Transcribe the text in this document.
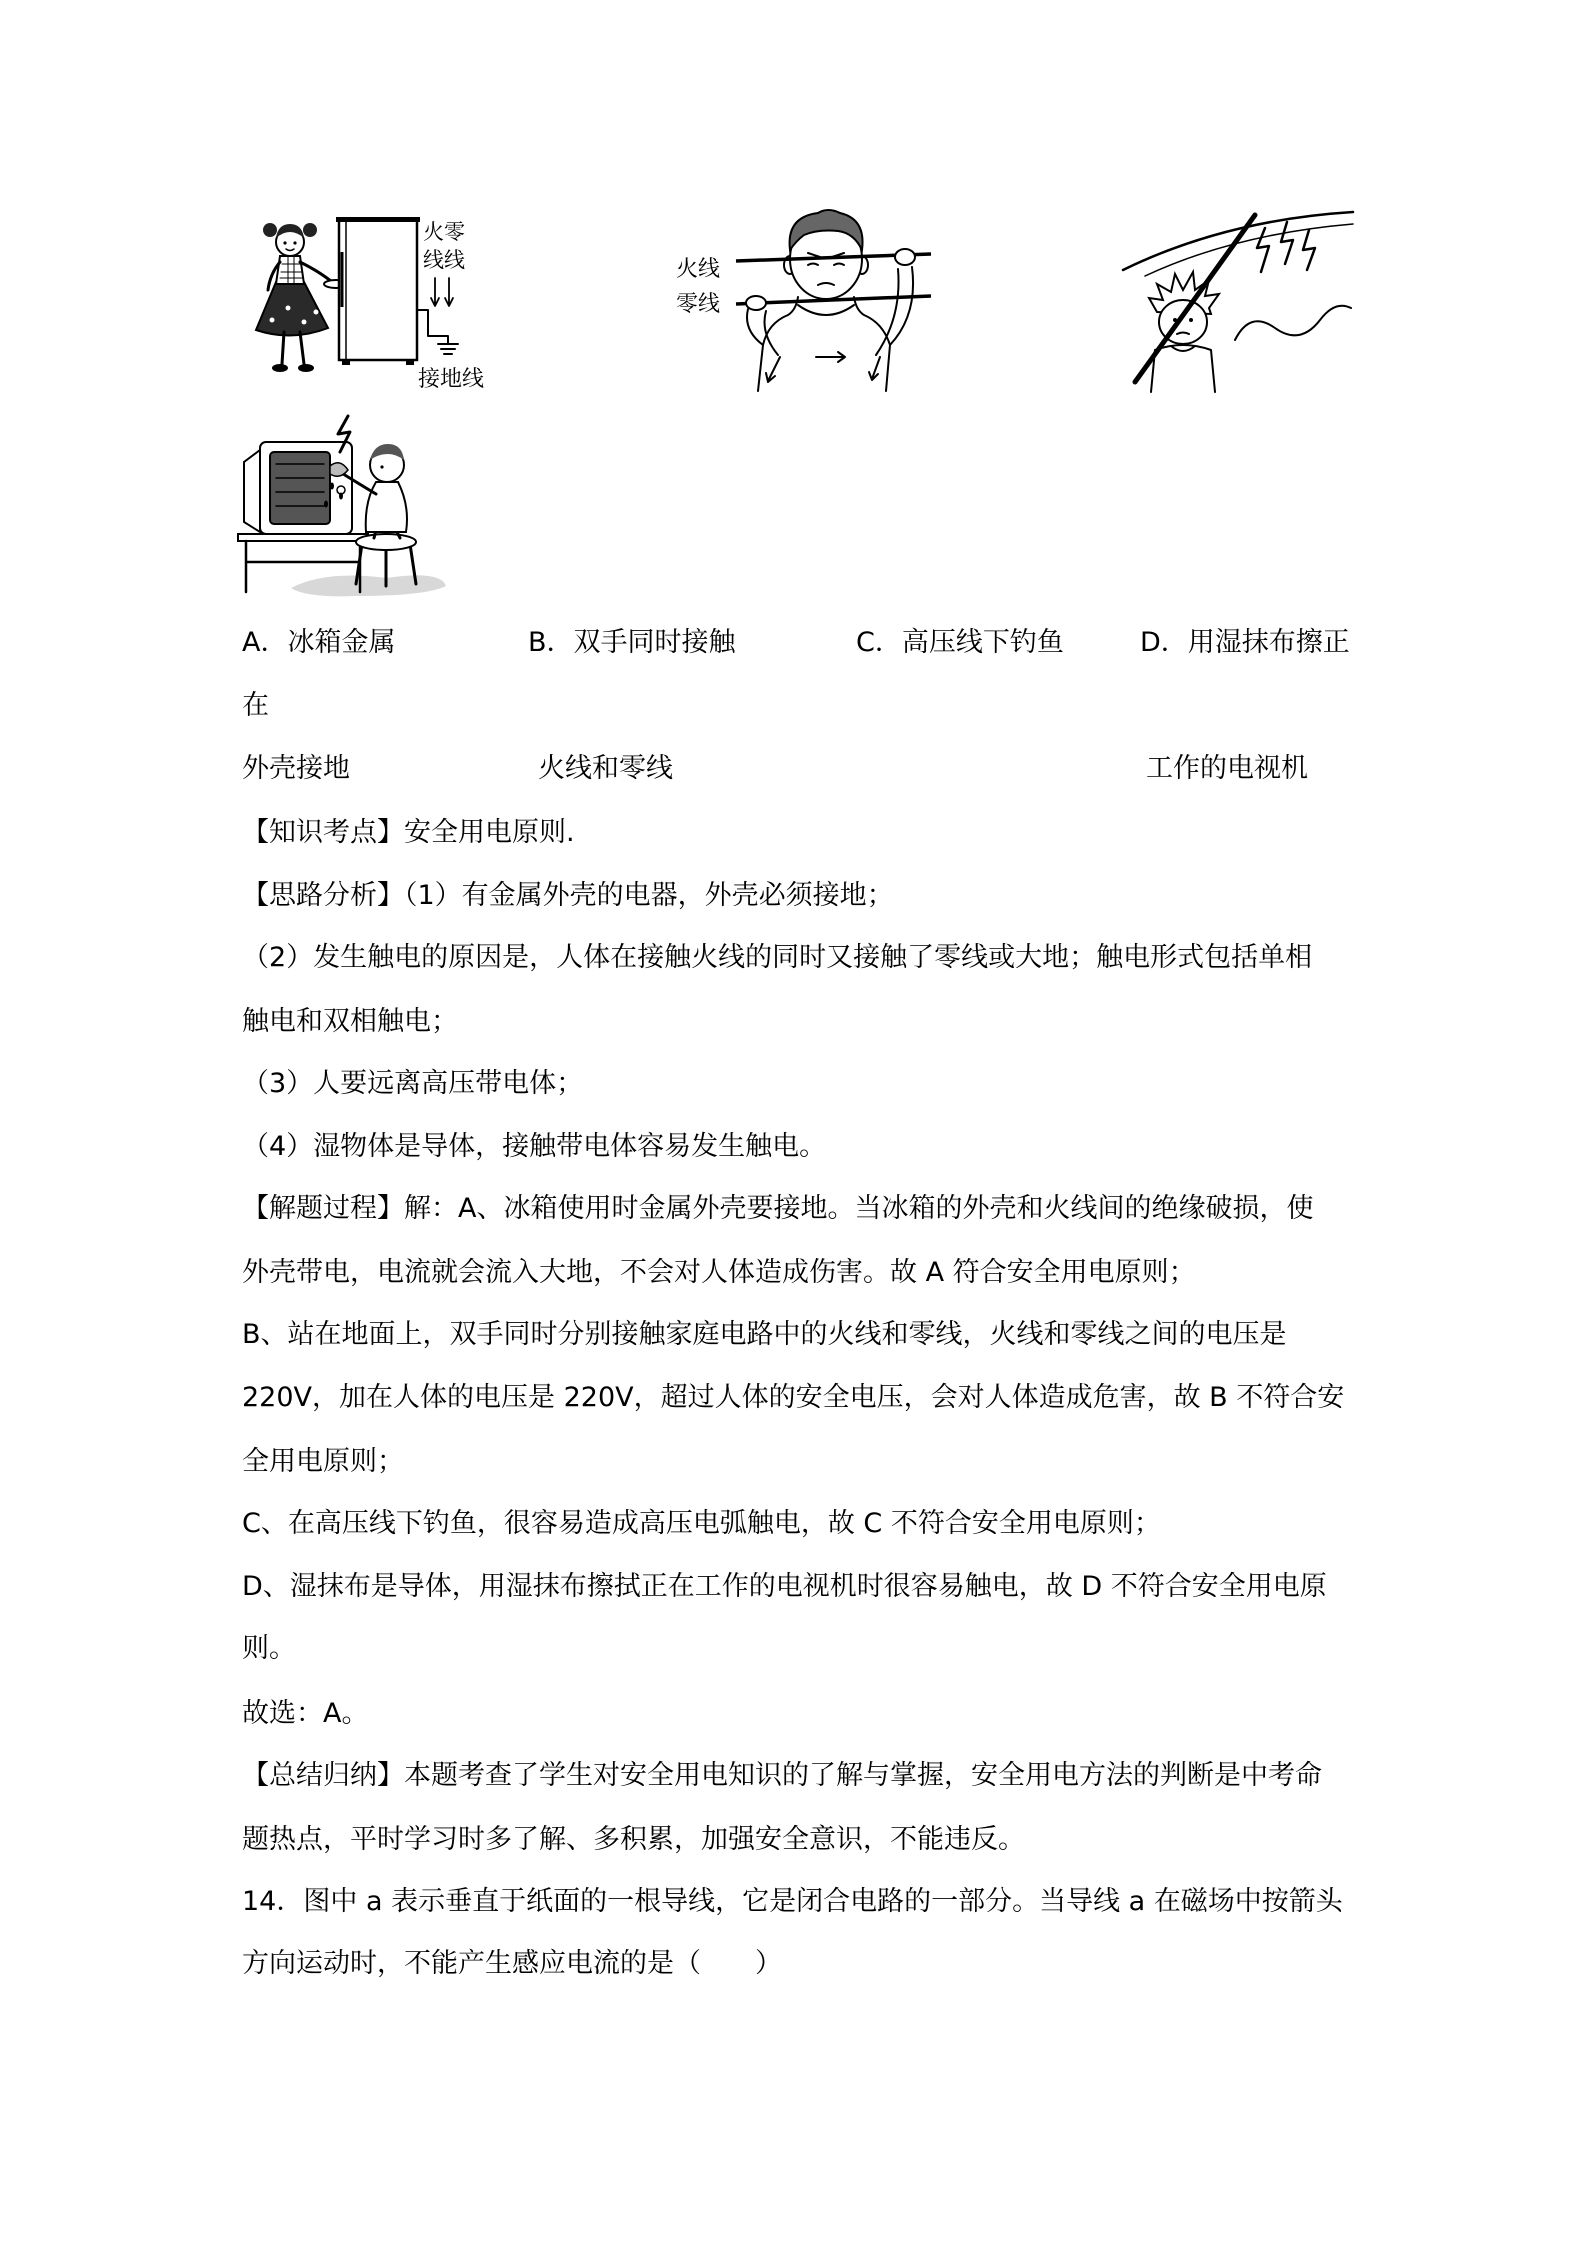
火零
线线
接地线
火线
零线
A．冰箱金属	B．双手同时接触	C．高压线下钓鱼	D．用湿抹布擦正
在
外壳接地	火线和零线	工作的电视机
【知识考点】安全用电原则.
【思路分析】（1）有金属外壳的电器，外壳必须接地；
（2）发生触电的原因是，人体在接触火线的同时又接触了零线或大地；触电形式包括单相
触电和双相触电；
（3）人要远离高压带电体；
（4）湿物体是导体，接触带电体容易发生触电。
【解题过程】解：A、冰箱使用时金属外壳要接地。当冰箱的外壳和火线间的绝缘破损，使
外壳带电，电流就会流入大地，不会对人体造成伤害。故 A 符合安全用电原则；
B、站在地面上，双手同时分别接触家庭电路中的火线和零线，火线和零线之间的电压是
220V，加在人体的电压是 220V，超过人体的安全电压，会对人体造成危害，故 B 不符合安
全用电原则；
C、在高压线下钓鱼，很容易造成高压电弧触电，故 C 不符合安全用电原则；
D、湿抹布是导体，用湿抹布擦拭正在工作的电视机时很容易触电，故 D 不符合安全用电原
则。
故选：A。
【总结归纳】本题考查了学生对安全用电知识的了解与掌握，安全用电方法的判断是中考命
题热点，平时学习时多了解、多积累，加强安全意识，不能违反。
14．图中 a 表示垂直于纸面的一根导线，它是闭合电路的一部分。当导线 a 在磁场中按箭头
方向运动时，不能产生感应电流的是（　　）
